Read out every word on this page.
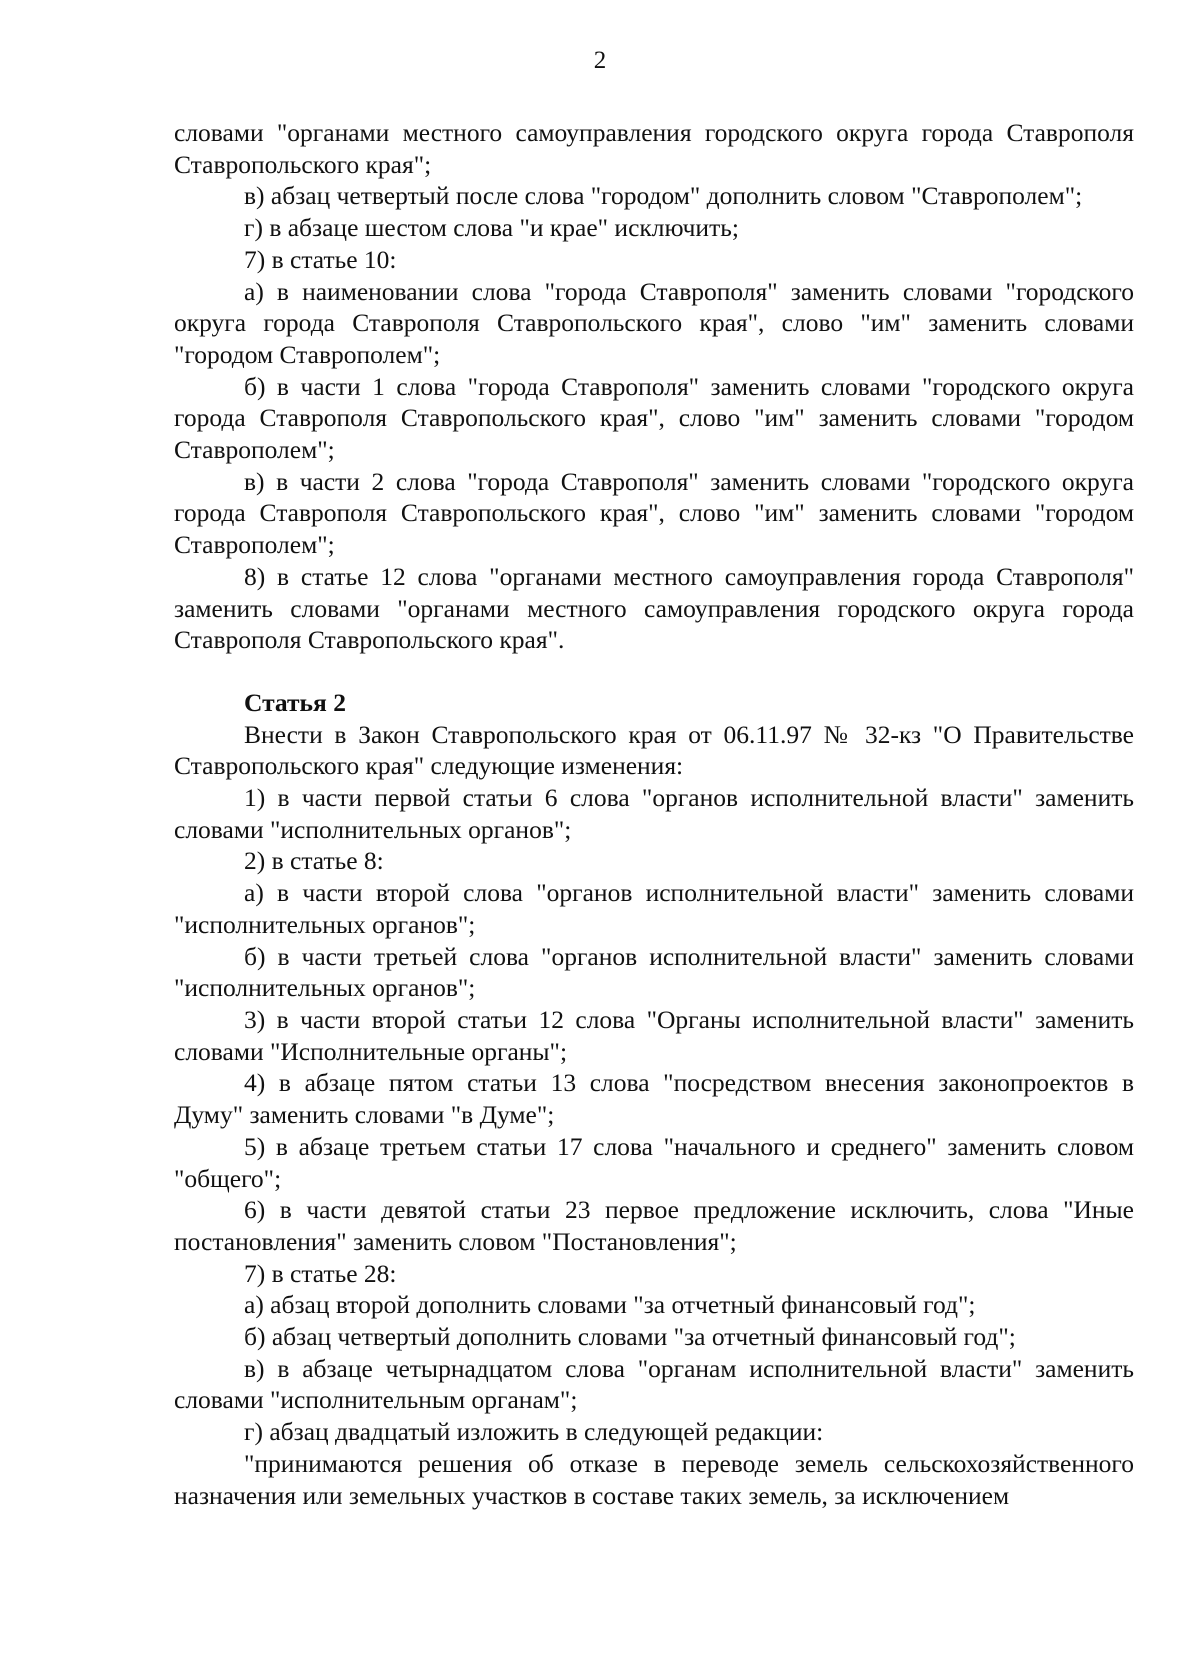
2

словами "органами местного самоуправления городского округа города Ставрополя Ставропольского края";

в) абзац четвертый после слова "городом" дополнить словом "Ставрополем";

г) в абзаце шестом слова "и крае" исключить;

7) в статье 10:

а) в наименовании слова "города Ставрополя" заменить словами "городского округа города Ставрополя Ставропольского края", слово "им" заменить словами "городом Ставрополем";

б) в части 1 слова "города Ставрополя" заменить словами "городского округа города Ставрополя Ставропольского края", слово "им" заменить словами "городом Ставрополем";

в) в части 2 слова "города Ставрополя" заменить словами "городского округа города Ставрополя Ставропольского края", слово "им" заменить словами "городом Ставрополем";

8) в статье 12 слова "органами местного самоуправления города Ставрополя" заменить словами "органами местного самоуправления городского округа города Ставрополя Ставропольского края".

Статья 2

Внести в Закон Ставропольского края от 06.11.97 № 32-кз "О Правительстве Ставропольского края" следующие изменения:

1) в части первой статьи 6 слова "органов исполнительной власти" заменить словами "исполнительных органов";

2) в статье 8:

а) в части второй слова "органов исполнительной власти" заменить словами "исполнительных органов";

б) в части третьей слова "органов исполнительной власти" заменить словами "исполнительных органов";

3) в части второй статьи 12 слова "Органы исполнительной власти" заменить словами "Исполнительные органы";

4) в абзаце пятом статьи 13 слова "посредством внесения законопроектов в Думу" заменить словами "в Думе";

5) в абзаце третьем статьи 17 слова "начального и среднего" заменить словом "общего";

6) в части девятой статьи 23 первое предложение исключить, слова "Иные постановления" заменить словом "Постановления";

7) в статье 28:

а) абзац второй дополнить словами "за отчетный финансовый год";

б) абзац четвертый дополнить словами "за отчетный финансовый год";

в) в абзаце четырнадцатом слова "органам исполнительной власти" заменить словами "исполнительным органам";

г) абзац двадцатый изложить в следующей редакции:

"принимаются решения об отказе в переводе земель сельскохозяйственного назначения или земельных участков в составе таких земель, за исключением
